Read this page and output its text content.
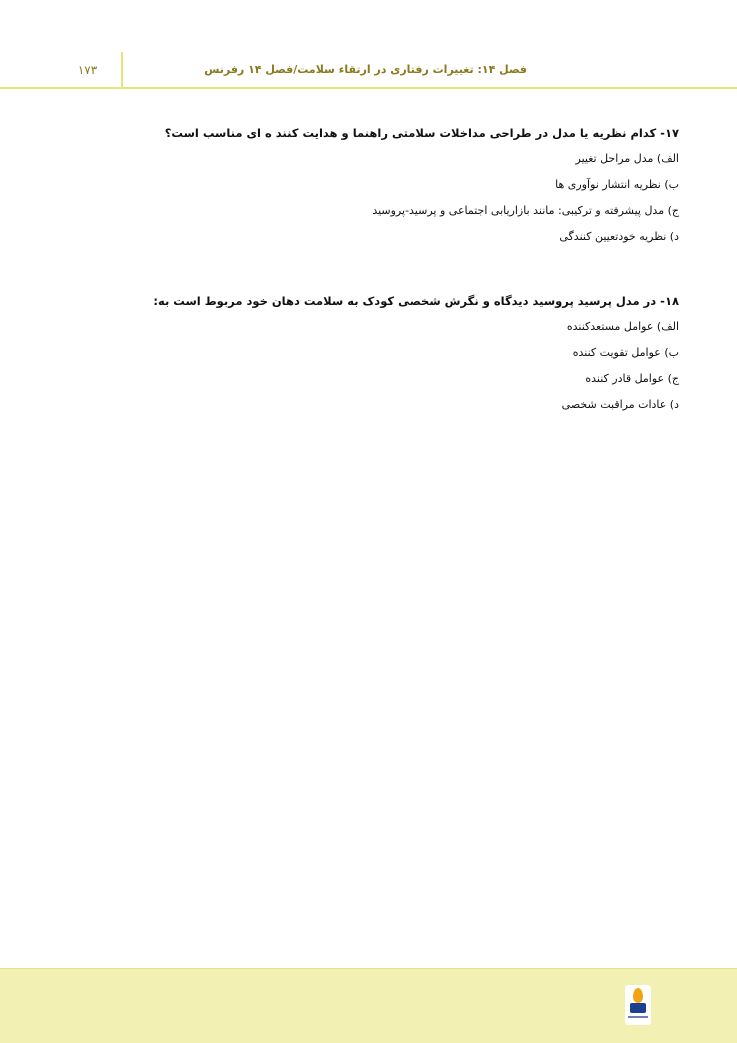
۱۷۳	فصل ۱۴: تغییرات رفتاری در ارتقاء سلامت/فصل ۱۴ رفرنس
۱۷- کدام نظریه یا مدل در طراحی مداخلات سلامتی راهنما و هدایت کنند ه ای مناسب است؟
الف) مدل مراحل تغییر
ب) نظریه انتشار نوآوری ها
ج) مدل پیشرفته و ترکیبی: مانند بازاریابی اجتماعی و پرسید-پروسید
د) نظریه خودتعیین کنندگی
۱۸- در مدل پرسید پروسید دیدگاه و نگرش شخصی کودک به سلامت دهان خود مربوط است به:
الف) عوامل مستعدکننده
ب) عوامل تقویت کننده
ج) عوامل قادر کننده
د) عادات مراقبت شخصی
